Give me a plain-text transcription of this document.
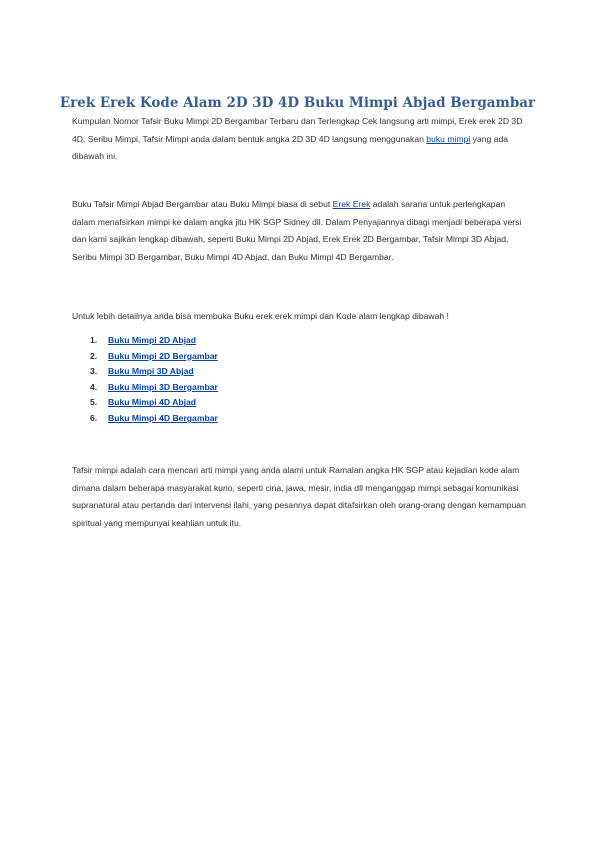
Erek Erek Kode Alam 2D 3D 4D Buku Mimpi Abjad Bergambar

Kumpulan Nomor Tafsir Buku Mimpi 2D Bergambar Terbaru dan Terlengkap Cek langsung arti mimpi, Erek erek 2D 3D 4D, Seribu Mimpi, Tafsir Mimpi anda dalam bentuk angka 2D 3D 4D langsung menggunakan buku mimpi yang ada dibawah ini.

Buku Tafsir Mimpi Abjad Bergambar atau Buku Mimpi biasa di sebut Erek Erek adalah sarana untuk perlengkapan dalam menafsirkan mimpi ke dalam angka jitu HK SGP Sidney dll. Dalam Penyajiannya dibagi menjadi beberapa versi dan kami sajikan lengkap dibawah, seperti Buku Mimpi 2D Abjad, Erek Erek 2D Bergambar, Tafsir Mimpi 3D Abjad, Seribu Mimpi 3D Bergambar, Buku Mimpi 4D Abjad, dan Buku Mimpi 4D Bergambar.

Untuk lebih detailnya anda bisa membuka Buku erek erek mimpi dan Kode alam lengkap dibawah !

1. Buku Mimpi 2D Abjad
2. Buku Mimpi 2D Bergambar
3. Buku Mmpi 3D Abjad
4. Buku Mimpi 3D Bergambar
5. Buku Mimpi 4D Abjad
6. Buku Mimpi 4D Bergambar

Tafsir mimpi adalah cara mencari arti mimpi yang anda alami untuk Ramalan angka HK SGP atau kejadian kode alam dimana dalam beberapa masyarakat kuno, seperti cina, jawa, mesir, india dll menganggap mimpi sebagai komunikasi supranatural atau pertanda dari intervensi ilahi, yang pesannya dapat ditafsirkan oleh orang-orang dengan kemampuan spiritual yang mempunyai keahlian untuk itu.
